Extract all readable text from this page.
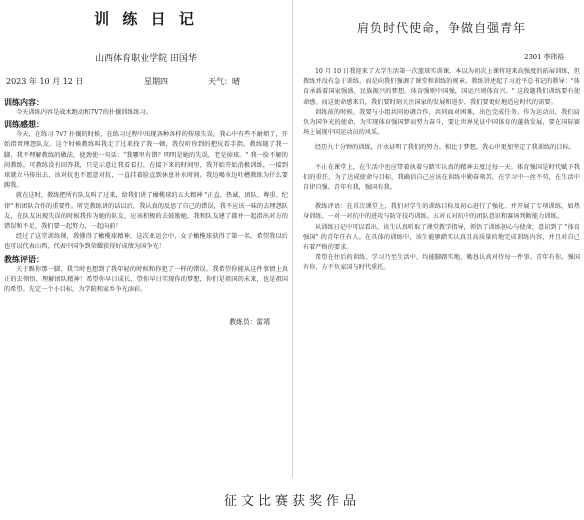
训 练 日 记
山西体育职业学院 田国华
2023 年 10 月 12 日	星期四	天气：晴
训练内容：

今天训练内容是战术跑动和7V7的扑攘训练练习。

训练感想：

今天，在练习 7v7 扑攘的时候，在练习过程中出现各种各样的传球失误，我心中有些不耐烦了，开始指责理怨队友。这个时候教练叫我走了过来找了我一顿，我仅听你到的把玩看手指。教练随了我一脚，我不理解教练的做法，使劲使一句话："我哪里有错？明明是她的失误，老是掉球。" 我一脸不解的问教练，可教练没有回答我，只是示意让我看看打，在接下来的时间里，我开始开始消极训练，一接到球就立马传出去，该对抗也不愿意对抗，一直挂着脸直到休息补水时间。我边喝水边吐槽教练为什么要踢我。

就在这时，教练把所有队友叫了过来，给我们讲了橄榄球的五大精神 "正直、热诚、团队、尊重、纪律" 和团队合作的重要性。听完教练讲的话以后，我认真的反思了自己的错误，我不应该一味的去埋怨队友，在队友出现失误的时候我作为她的队友，应该积极的去鼓励她，我和队友建了都并一起指出对方的错误和不足，我们要一起努力，一起向前！

经过了这堂训练课，我懂得了橄榄球精神，这次亚运会中，女子橄榄球获得了第一名，希望我以后也可以代表山西，代表中国争到荣耀获得好成绩为国争光！

教练评语：

关于踢你那一脚，我当时也想到了我年轻的时候和你犯了一样的错误。我希望你能从这件事情上真正的去领悟、理解团队精神！希望你早日成长，望你早日实现你的梦想，你们是祖国的未来，也是祖国的希望。先定一个小目标，为学院和家乡争光添彩。

教练员：雷靖
肩负时代使命，争做自强青年
2301 李玮裕

10 月 10 日我迎来了大学生活第一次篮球实训课，本以为初次上课将迎来高强度的拓展训练，但教练并没有急于训练，而是向我们强调了课堂和训练的规章。教练讲述起了习近平总书记的教导："体育承载着国家强盛、民族振兴的梦想。体育强则中国强，国运兴则体育兴。" 这段题我们训练要有使命感。而这使命感来自，我们要时刻关注国家的发展和进步，我们要更好地适应时代的需要。

训练前的时候，我要与小组共同协调合作，共同面对困难，出色完成任务。作为运动员，我们肩负为国争光的使命，为实现体育强国梦而努力奋斗，要让世界见证中国体育的蓬勃发展，要在国际赛场上展现中国运动员的风采。

经历九十分钟的训练，汗水证明了我们的努力。相比于梦想，我心中更加坚定了我训练的目标。

不止在课堂上，在生活中也应带着执着与踏实认真的精神去度过每一天。体育强国是时代赋予我们的重任，为了达成使命与目标，我确信自己应该在训练中勤奋刻苦，在学习中一丝不苟，在生活中自律自强。青年有我，强国有我。

教练评语：在首次课堂上，我们对学生的训练目标及初心进行了强化。并开展了专项训练，如热身训练、一对一对抗中的进攻与防守技巧训练。五对五对抗中的团队意识和赛场判断能力训练。

从训练日记中可以看出，该生认真听取了课堂教学指导，领悟了训练初心与使命，意识到了 "体育强国" 的青年任有人。在具体的训练中，该生能够踏实认真且高质量的地完成训练内容，并且对自己有着严格的要求。

希望在往后的训练、学习乃至生活中，均能脚踏实地、勤恳认真对待每一件事。青年有你，强国有你，方不负家国与时代重托。

征文比赛获奖作品
